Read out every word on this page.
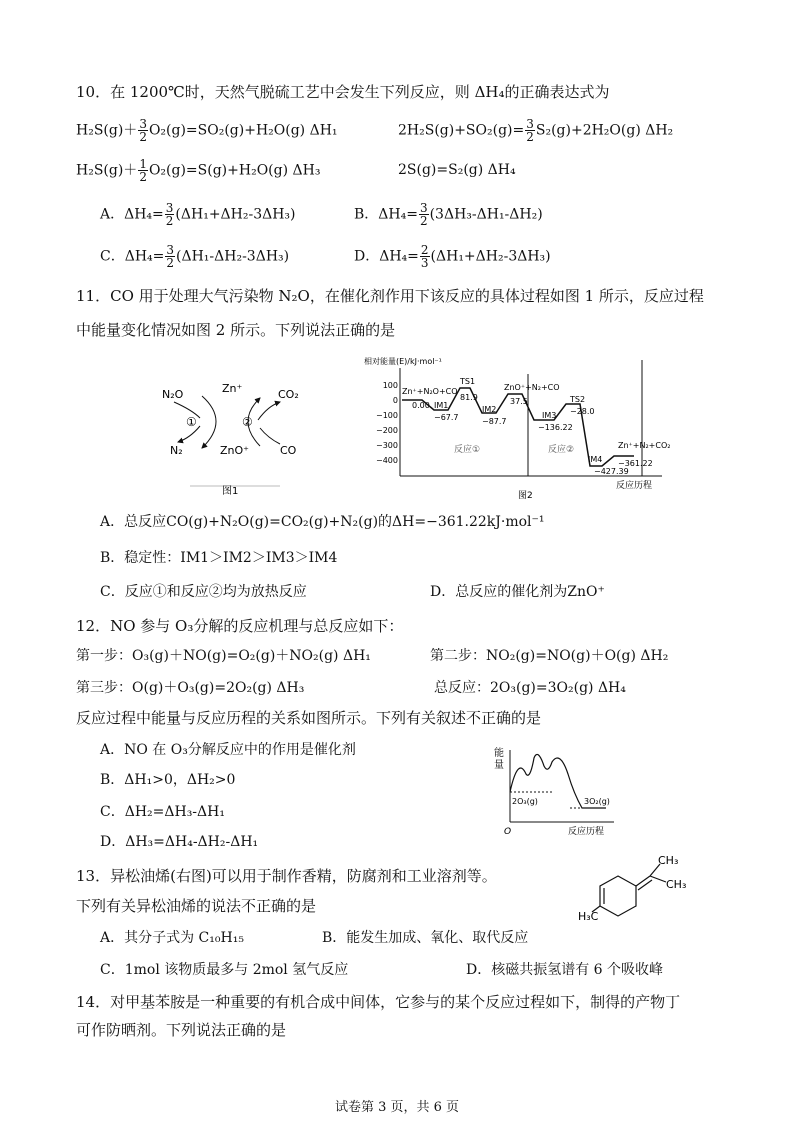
10．在 1200℃时，天然气脱硫工艺中会发生下列反应，则 ΔH₄的正确表达式为
$H_2S(g)+ \frac{3}{2} O_2(g)=SO_2(g)+H_2O(g)$ ΔH₁	$2H_2S(g)+SO_2(g)= \frac{3}{2} S_2(g)+2H_2O(g)$ ΔH₂
$H_2S(g)+ \frac{1}{2} O_2(g)=S(g)+H_2O(g)$ ΔH₃	2S(g)=S₂(g) ΔH₄
A．$\Delta H_4= \frac{3}{2} (\Delta H_1+\Delta H_2-3\Delta H_3)$	B．$\Delta H_4= \frac{3}{2} (3\Delta H_3-\Delta H_1-\Delta H_2)$
C．$\Delta H_4= \frac{3}{2} (\Delta H_1-\Delta H_2-3\Delta H_3)$	D．$\Delta H_4= \frac{2}{3} (\Delta H_1+\Delta H_2-3\Delta H_3)$
11．CO 用于处理大气污染物 N₂O，在催化剂作用下该反应的具体过程如图 1 所示，反应过程
中能量变化情况如图 2 所示。下列说法正确的是
N₂O	Zn⁺	CO₂
N₂	ZnO⁺	CO
①	②
图1
相对能量(E)/kJ·mol⁻¹
100
0
−100
−200
−300
−400
Zn⁺+N₂O+CO
0.00 IM1
−67.7
TS1
81.9
IM2
−87.7
ZnO⁺+N₂+CO
37.5
IM3
−136.22
TS2
−28.0
IM4
−427.39
Zn⁺+N₂+CO₂
−361.22
反应①	反应②
反应历程
图2
A．总反应CO(g)+N₂O(g)=CO₂(g)+N₂(g)的ΔH=−361.22kJ·mol⁻¹
B．稳定性：IM1＞IM2＞IM3＞IM4
C．反应①和反应②均为放热反应	D．总反应的催化剂为ZnO⁺
12．NO 参与 O₃分解的反应机理与总反应如下：
第一步：O₃(g)＋NO(g)=O₂(g)＋NO₂(g) ΔH₁	第二步：NO₂(g)=NO(g)＋O(g) ΔH₂
第三步：O(g)＋O₃(g)=2O₂(g) ΔH₃	总反应：2O₃(g)=3O₂(g) ΔH₄
反应过程中能量与反应历程的关系如图所示。下列有关叙述不正确的是
A．NO 在 O₃分解反应中的作用是催化剂
B．ΔH₁>0，ΔH₂>0
C．ΔH₂=ΔH₃-ΔH₁
D．ΔH₃=ΔH₄-ΔH₂-ΔH₁
能
量
2O₃(g)	3O₂(g)
O	反应历程
13．异松油烯(右图)可以用于制作香精，防腐剂和工业溶剂等。
下列有关异松油烯的说法不正确的是
A．其分子式为 C₁₀H₁₅	B．能发生加成、氧化、取代反应
C．1mol 该物质最多与 2mol 氢气反应	D．核磁共振氢谱有 6 个吸收峰
CH₃
CH₃
H₃C
14．对甲基苯胺是一种重要的有机合成中间体，它参与的某个反应过程如下，制得的产物丁
可作防晒剂。下列说法正确的是
试卷第 3 页，共 6 页
